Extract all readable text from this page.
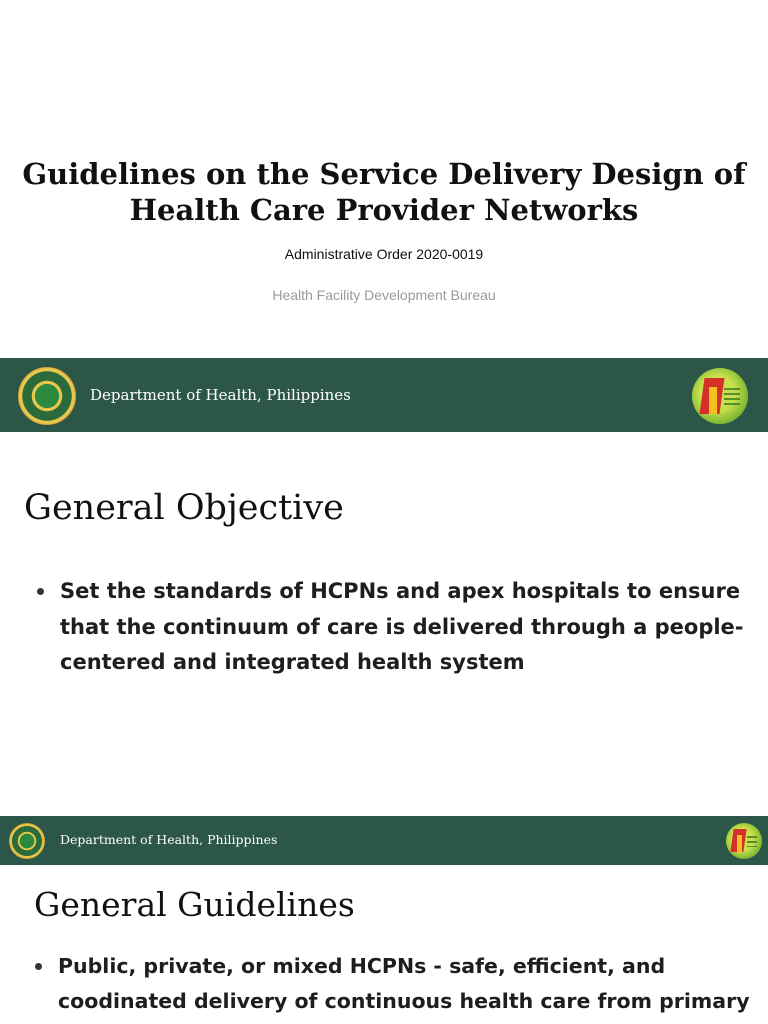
Guidelines on the Service Delivery Design of
Health Care Provider Networks
Administrative Order 2020-0019
Health Facility Development Bureau
Department of Health, Philippines
General Objective
Set the standards of HCPNs and apex hospitals to ensure that the continuum of care is delivered through a people-centered and integrated health system
Department of Health, Philippines
General Guidelines
Public, private, or mixed HCPNs - safe, efficient, and coodinated delivery of continuous health care from primary
